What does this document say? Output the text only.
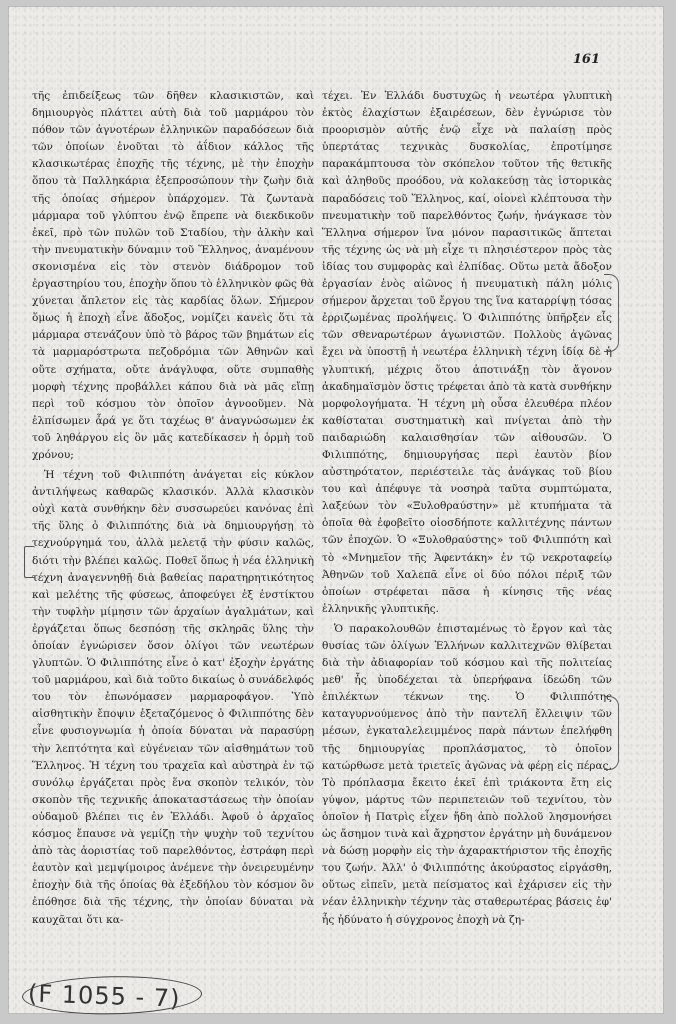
161

τῆς ἐπιδείξεως τῶν δῆθεν κλασικιστῶν, καὶ δημιουργὸς πλάττει αὐτὴ διὰ τοῦ μαρμάρου τὸν πόθον τῶν ἀγνοτέρων ἑλληνικῶν παραδόσεων διὰ τῶν ὁποίων ἑνοῦται τὸ ἀΐδιον κάλλος τῆς κλασικωτέρας ἐποχῆς τῆς τέχνης, μὲ τὴν ἐποχὴν ὅπου τὰ Παλληκάρια ἐξεπροσώπουν τὴν ζωὴν διὰ τῆς ὁποίας σήμερον ὑπάρχομεν. Τὰ ζωντανὰ μάρμαρα τοῦ γλύπτου ἐνῷ ἔπρεπε νὰ διεκδικοῦν ἐκεῖ, πρὸ τῶν πυλῶν τοῦ Σταδίου, τὴν ἀλκὴν καὶ τὴν πνευματικὴν δύναμιν τοῦ Ἕλληνος, ἀναμένουν σκονισμένα εἰς τὸν στενὸν διάδρομον τοῦ ἐργαστηρίου του, ἐποχὴν ὅπου τὸ ἑλληνικὸν φῶς θὰ χύνεται ἄπλετον εἰς τὰς καρδίας ὅλων. Σήμερον ὅμως ἡ ἐποχὴ εἶνε ἄδοξος, νομίζει κανεὶς ὅτι τὰ μάρμαρα στενάζουν ὑπὸ τὸ βάρος τῶν βημάτων εἰς τὰ μαρμαρόστρωτα πεζοδρόμια τῶν Ἀθηνῶν καὶ οὔτε σχήματα, οὔτε ἀνάγλυφα, οὔτε συμπαθὴς μορφὴ τέχνης προβάλλει κάπου διὰ νὰ μᾶς εἴπῃ περὶ τοῦ κόσμου τὸν ὁποῖον ἀγνοοῦμεν. Νὰ ἐλπίσωμεν ἆρά γε ὅτι ταχέως θ' ἀναγνώσωμεν ἐκ τοῦ ληθάργου εἰς ὃν μᾶς κατεδίκασεν ἡ ὁρμὴ τοῦ χρόνου;

Ἡ τέχνη τοῦ Φιλιππότη ἀνάγεται εἰς κύκλον ἀντιλήψεως καθαρῶς κλασικόν. Ἀλλὰ κλασικὸν οὐχὶ κατὰ συνθήκην δὲν συσσωρεύει κανόνας ἐπὶ τῆς ὕλης ὁ Φιλιππότης διὰ νὰ δημιουργήσῃ τὸ τεχνούργημά του, ἀλλὰ μελετᾷ τὴν φύσιν καλῶς, διότι τὴν βλέπει καλῶς. Ποθεῖ ὅπως ἡ νέα ἑλληνικὴ τέχνη ἀναγεννηθῇ διὰ βαθείας παρατηρητικότητος καὶ μελέτης τῆς φύσεως, ἀποφεύγει ἐξ ἐνστίκτου τὴν τυφλὴν μίμησιν τῶν ἀρχαίων ἀγαλμάτων, καὶ ἐργάζεται ὅπως δεσπόσῃ τῆς σκληρᾶς ὕλης τὴν ὁποίαν ἐγνώρισεν ὅσον ὀλίγοι τῶν νεωτέρων γλυπτῶν. Ὁ Φιλιππότης εἶνε ὁ κατ' ἐξοχὴν ἐργάτης τοῦ μαρμάρου, καὶ διὰ τοῦτο δικαίως ὁ συνάδελφός του τὸν ἐπωνόμασεν μαρμαροφάγον. Ὑπὸ αἰσθητικὴν ἔποψιν ἐξεταζόμενος ὁ Φιλιππότης δὲν εἶνε φυσιογνωμία ἡ ὁποία δύναται νὰ παρασύρῃ τὴν λεπτότητα καὶ εὐγένειαν τῶν αἰσθημάτων τοῦ Ἕλληνος. Ἡ τέχνη του τραχεῖα καὶ αὐστηρὰ ἐν τῷ συνόλῳ ἐργάζεται πρὸς ἕνα σκοπὸν τελικόν, τὸν σκοπὸν τῆς τεχνικῆς ἀποκαταστάσεως τὴν ὁποίαν οὐδαμοῦ βλέπει τις ἐν Ἑλλάδι. Ἀφοῦ ὁ ἀρχαῖος κόσμος ἔπαυσε νὰ γεμίζῃ τὴν ψυχὴν τοῦ τεχνίτου ἀπὸ τὰς ἀοριστίας τοῦ παρελθόντος, ἐστράφη περὶ ἑαυτὸν καὶ μεμψίμοιρος ἀνέμενε τὴν ὀνειρευμένην ἐποχὴν διὰ τῆς ὁποίας θὰ ἐξεδήλου τὸν κόσμον ὃν ἐπόθησε διὰ τῆς τέχνης, τὴν ὁποίαν δύναται νὰ καυχᾶται ὅτι κα-

τέχει. Ἐν Ἑλλάδι δυστυχῶς ἡ νεωτέρα γλυπτικὴ ἐκτὸς ἐλαχίστων ἐξαιρέσεων, δὲν ἐγνώρισε τὸν προορισμὸν αὐτῆς ἐνῷ εἶχε νὰ παλαίσῃ πρὸς ὑπερτάτας τεχνικὰς δυσκολίας, ἐπροτίμησε παρακάμπτουσα τὸν σκόπελον τοῦτον τῆς θετικῆς καὶ ἀληθοῦς προόδου, νὰ κολακεύσῃ τὰς ἱστορικὰς παραδόσεις τοῦ Ἕλληνος, καί, οἱονεὶ κλέπτουσα τὴν πνευματικὴν τοῦ παρελθόντος ζωήν, ἠνάγκασε τὸν Ἕλληνα σήμερον ἵνα μόνον παρασιτικῶς ἅπτεται τῆς τέχνης ὡς νὰ μὴ εἶχε τι πλησιέστερον πρὸς τὰς ἰδίας του συμφορὰς καὶ ἐλπίδας. Οὕτω μετὰ ἄδοξον ἐργασίαν ἑνὸς αἰῶνος ἡ πνευματικὴ πάλη μόλις σήμερον ἄρχεται τοῦ ἔργου της ἵνα καταρρίψῃ τόσας ἐρριζωμένας προλήψεις. Ὁ Φιλιππότης ὑπῆρξεν εἷς τῶν σθεναρωτέρων ἀγωνιστῶν. Πολλοὺς ἀγῶνας ἔχει νὰ ὑποστῇ ἡ νεωτέρα ἑλληνικὴ τέχνη ἰδίᾳ δὲ ἡ γλυπτική, μέχρις ὅτου ἀποτινάξῃ τὸν ἄγονον ἀκαδημαϊσμὸν ὅστις τρέφεται ἀπὸ τὰ κατὰ συνθήκην μορφολογήματα. Ἡ τέχνη μὴ οὖσα ἐλευθέρα πλέον καθίσταται συστηματικὴ καὶ πνίγεται ἀπὸ τὴν παιδαριώδη καλαισθησίαν τῶν αἰθουσῶν. Ὁ Φιλιππότης, δημιουργήσας περὶ ἑαυτὸν βίον αὐστηρότατον, περιέστειλε τὰς ἀνάγκας τοῦ βίου του καὶ ἀπέφυγε τὰ νοσηρὰ ταῦτα συμπτώματα, λαξεύων τὸν «Ξυλοθραύστην» μὲ κτυπήματα τὰ ὁποῖα θὰ ἐφοβεῖτο οἱοσδήποτε καλλιτέχνης πάντων τῶν ἐποχῶν. Ὁ «Ξυλοθραύστης» τοῦ Φιλιππότη καὶ τὸ «Μνημεῖον τῆς Ἀφεντάκη» ἐν τῷ νεκροταφείῳ Ἀθηνῶν τοῦ Χαλεπᾶ εἶνε οἱ δύο πόλοι πέριξ τῶν ὁποίων στρέφεται πᾶσα ἡ κίνησις τῆς νέας ἑλληνικῆς γλυπτικῆς.

Ὁ παρακολουθῶν ἐπισταμένως τὸ ἔργον καὶ τὰς θυσίας τῶν ὀλίγων Ἑλλήνων καλλιτεχνῶν θλίβεται διὰ τὴν ἀδιαφορίαν τοῦ κόσμου καὶ τῆς πολιτείας μεθ' ἧς ὑποδέχεται τὰ ὑπερήφανα ἰδεώδη τῶν ἐπιλέκτων τέκνων της. Ὁ Φιλιππότης καταγυρνούμενος ἀπὸ τὴν παντελῆ ἔλλειψιν τῶν μέσων, ἐγκαταλελειμμένος παρὰ πάντων ἐπελήφθη τῆς δημιουργίας προπλάσματος, τὸ ὁποῖον κατώρθωσε μετὰ τριετεῖς ἀγῶνας νὰ φέρῃ εἰς πέρας. Τὸ πρόπλασμα ἔκειτο ἐκεῖ ἐπὶ τριάκοντα ἔτη εἰς γύψον, μάρτυς τῶν περιπετειῶν τοῦ τεχνίτου, τὸν ὁποῖον ἡ Πατρὶς εἶχεν ἤδη ἀπὸ πολλοῦ λησμονήσει ὡς ἄσημον τινὰ καὶ ἄχρηστον ἐργάτην μὴ δυνάμενον νὰ δώσῃ μορφὴν εἰς τὴν ἀχαρακτήριστον τῆς ἐποχῆς του ζωήν. Ἀλλ' ὁ Φιλιππότης ἀκούρασtος εἰργάσθη, οὕτως εἰπεῖν, μετὰ πείσματος καὶ ἐχάρισεν εἰς τὴν νέαν ἑλληνικὴν τέχνην τὰς σταθερωτέρας βάσεις ἐφ' ἧς ἠδύνατο ἡ σύγχρονος ἐποχὴ νὰ ζη-

(F 1055 - 7)
